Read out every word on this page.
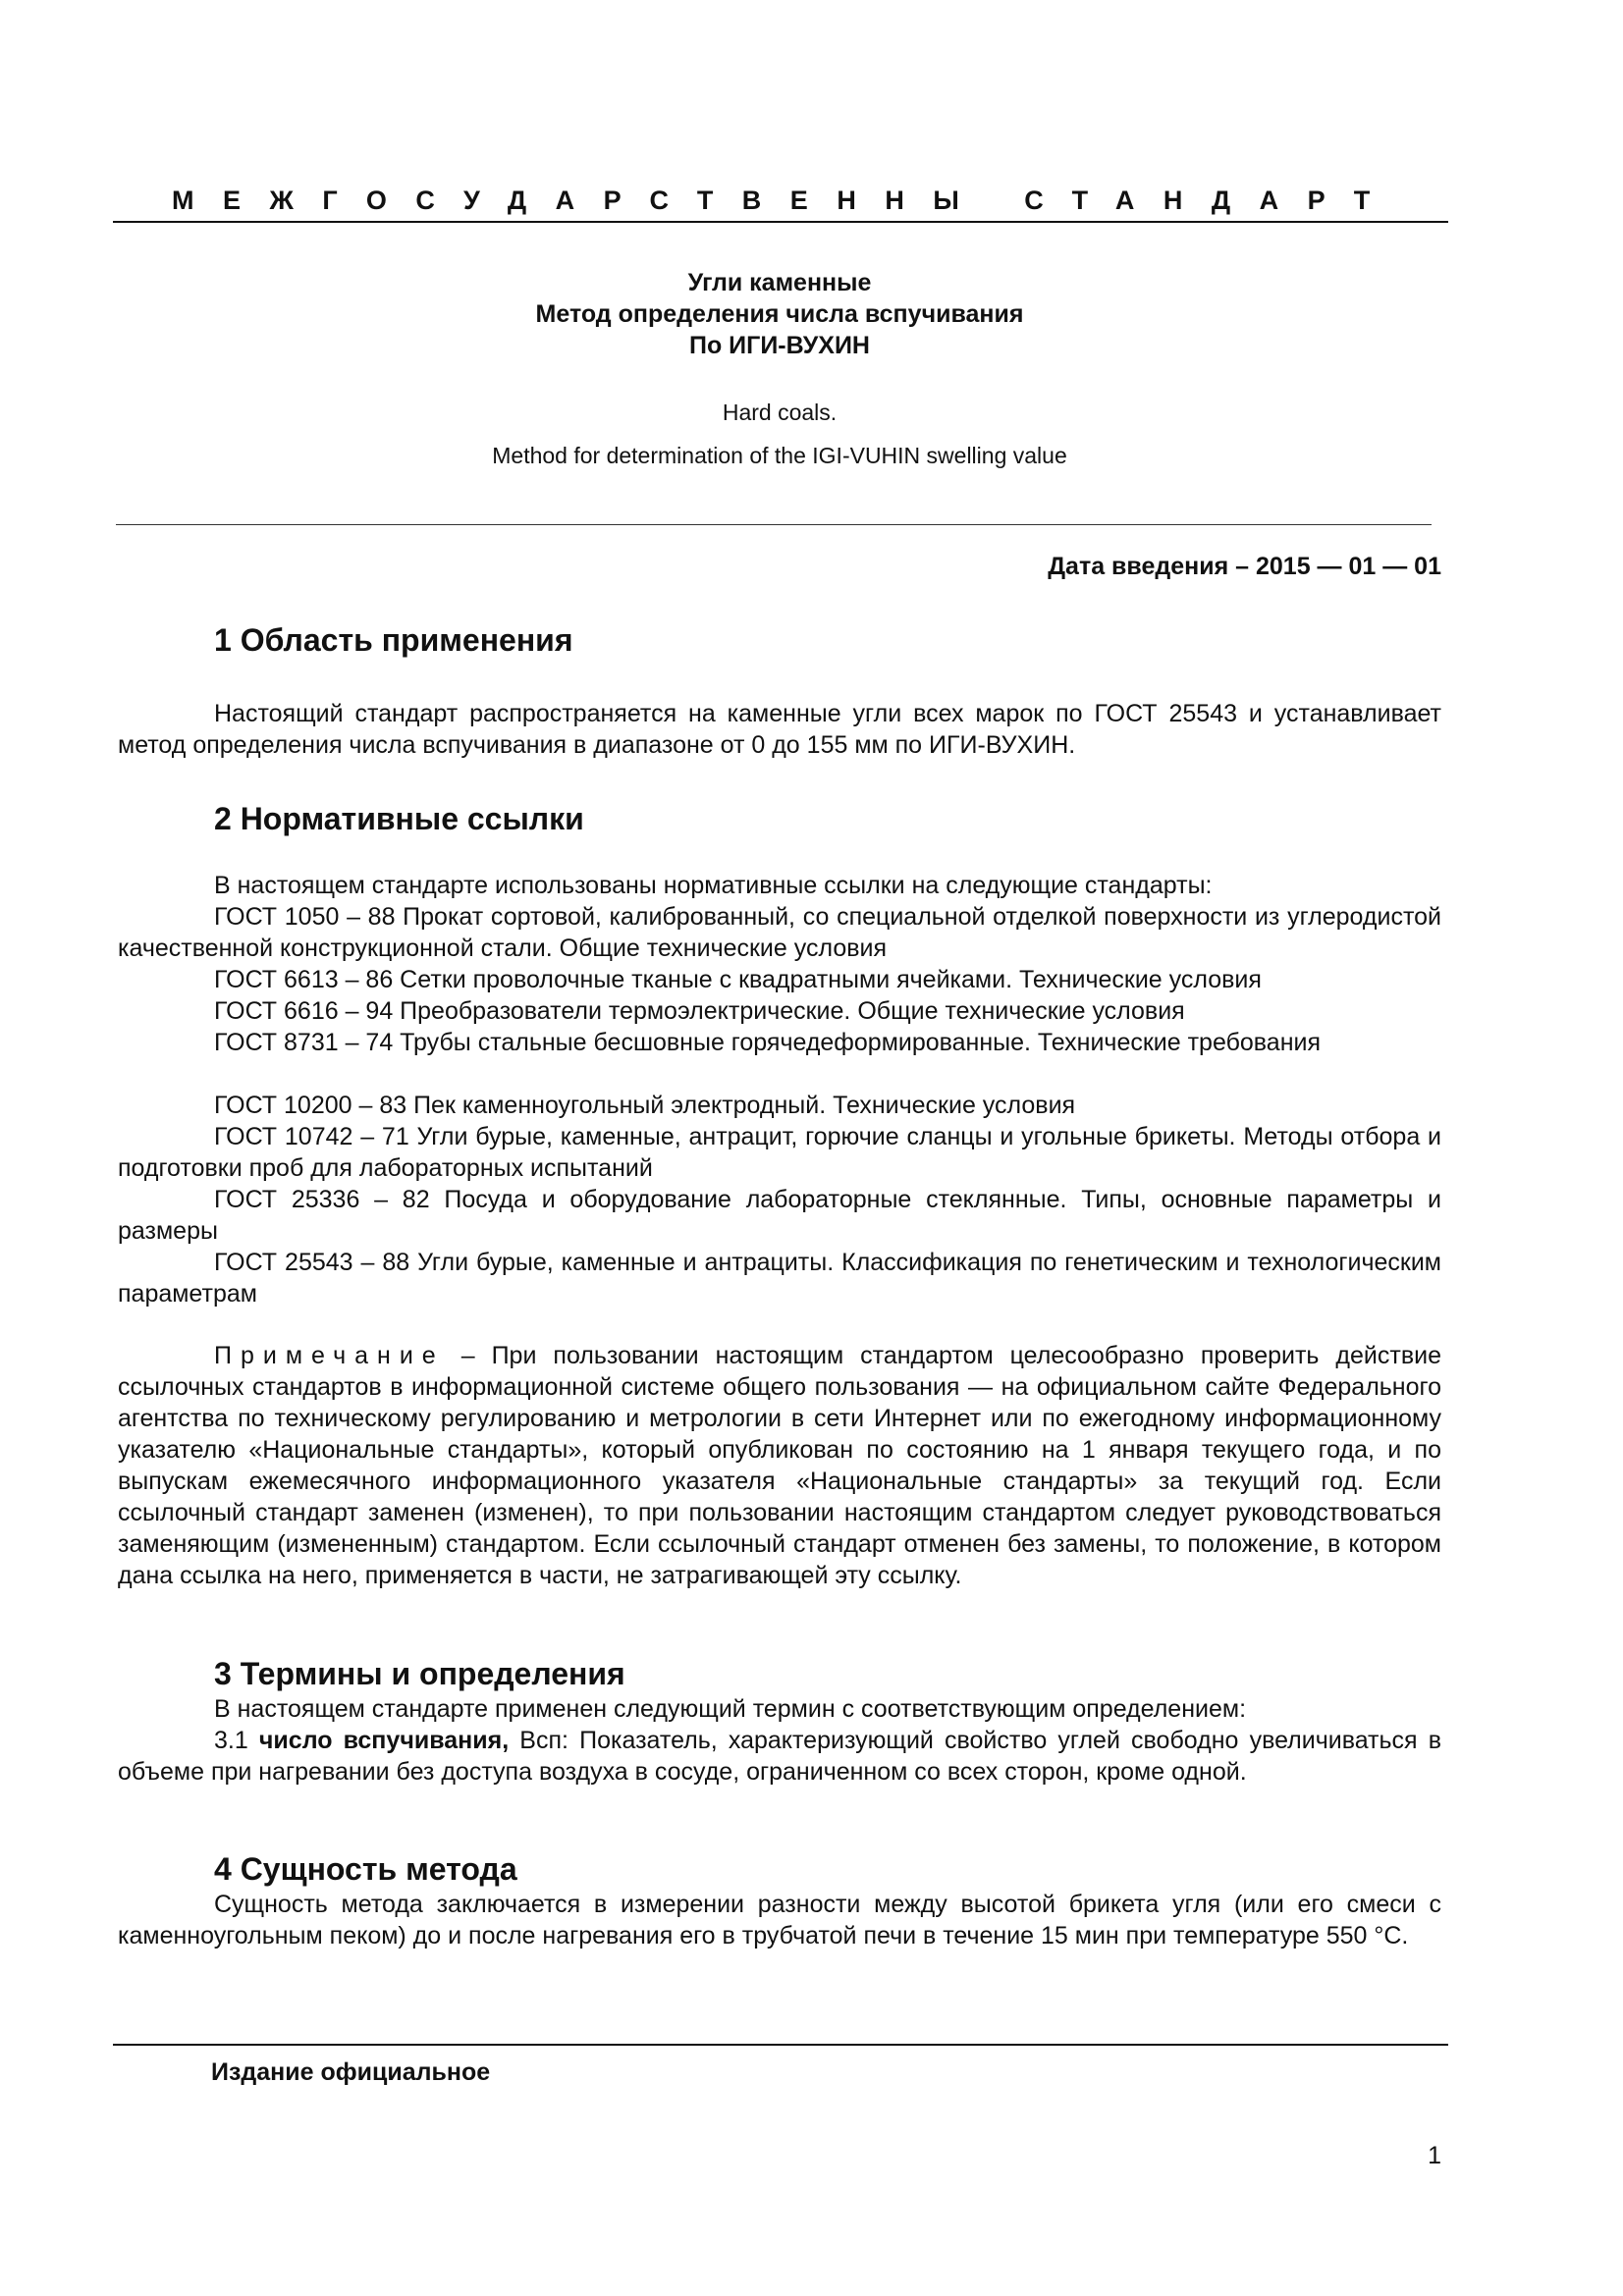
МЕЖГОСУДАРСТВЕННЫ СТАНДАРТ
Угли каменные
Метод определения числа вспучивания
По ИГИ-ВУХИН
Hard coals.
Method for determination of the IGI-VUHIN swelling value
Дата введения – 2015 — 01 — 01
1 Область применения

Настоящий стандарт распространяется на каменные угли всех марок по ГОСТ 25543 и устанавливает метод определения числа вспучивания в диапазоне от 0 до 155 мм по ИГИ-ВУХИН.

2 Нормативные ссылки

В настоящем стандарте использованы нормативные ссылки на следующие стандарты:

ГОСТ 1050 – 88 Прокат сортовой, калиброванный, со специальной отделкой поверхности из углеродистой качественной конструкционной стали. Общие технические условия

ГОСТ 6613 – 86 Сетки проволочные тканые с квадратными ячейками. Технические условия

ГОСТ 6616 – 94 Преобразователи термоэлектрические. Общие технические условия

ГОСТ 8731 – 74 Трубы стальные бесшовные горячедеформированные. Технические требования

ГОСТ 10200 – 83 Пек каменноугольный электродный. Технические условия

ГОСТ 10742 – 71 Угли бурые, каменные, антрацит, горючие сланцы и угольные брикеты. Методы отбора и подготовки проб для лабораторных испытаний

ГОСТ 25336 – 82 Посуда и оборудование лабораторные стеклянные. Типы, основные параметры и размеры

ГОСТ 25543 – 88 Угли бурые, каменные и антрациты. Классификация по генетическим и технологическим параметрам

Примечание – При пользовании настоящим стандартом целесообразно проверить действие ссылочных стандартов в информационной системе общего пользования — на официальном сайте Федерального агентства по техническому регулированию и метрологии в сети Интернет или по ежегодному информационному указателю «Национальные стандарты», который опубликован по состоянию на 1 января текущего года, и по выпускам ежемесячного информационного указателя «Национальные стандарты» за текущий год. Если ссылочный стандарт заменен (изменен), то при пользовании настоящим стандартом следует руководствоваться заменяющим (измененным) стандартом. Если ссылочный стандарт отменен без замены, то положение, в котором дана ссылка на него, применяется в части, не затрагивающей эту ссылку.

3 Термины и определения

В настоящем стандарте применен следующий термин с соответствующим определением:

3.1 число вспучивания, Всп: Показатель, характеризующий свойство углей свободно увеличиваться в объеме при нагревании без доступа воздуха в сосуде, ограниченном со всех сторон, кроме одной.

4 Сущность метода

Сущность метода заключается в измерении разности между высотой брикета угля (или его смеси с каменноугольным пеком) до и после нагревания его в трубчатой печи в течение 15 мин при температуре 550 °С.

Издание официальное
1
